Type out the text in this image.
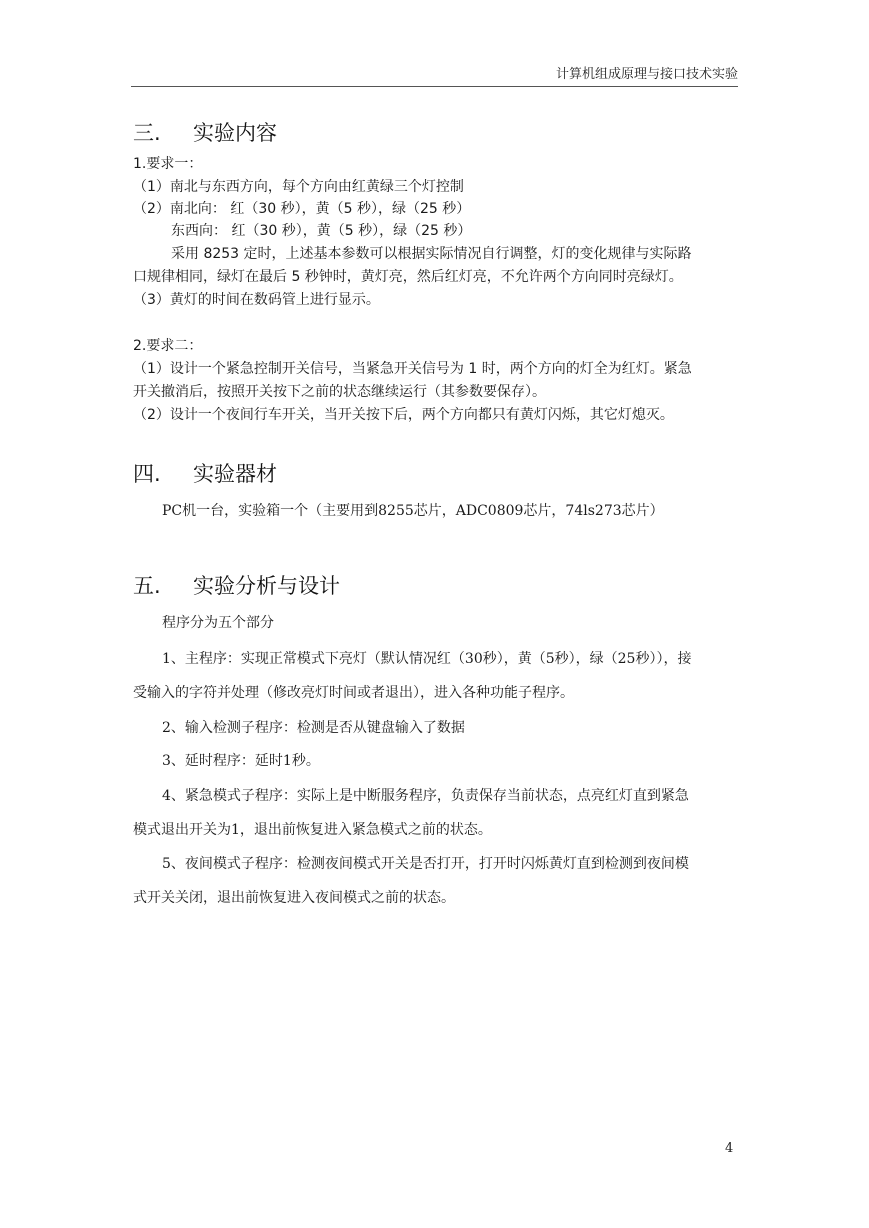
计算机组成原理与接口技术实验
三. 实验内容
1.要求一：
（1）南北与东西方向，每个方向由红黄绿三个灯控制
（2）南北向： 红（30 秒），黄（5 秒），绿（25 秒）
东西向： 红（30 秒），黄（5 秒），绿（25 秒）
采用 8253 定时，上述基本参数可以根据实际情况自行调整，灯的变化规律与实际路
口规律相同，绿灯在最后 5 秒钟时，黄灯亮，然后红灯亮，不允许两个方向同时亮绿灯。
（3）黄灯的时间在数码管上进行显示。
2.要求二：
（1）设计一个紧急控制开关信号，当紧急开关信号为 1 时，两个方向的灯全为红灯。紧急
开关撤消后，按照开关按下之前的状态继续运行（其参数要保存）。
（2）设计一个夜间行车开关，当开关按下后，两个方向都只有黄灯闪烁，其它灯熄灭。
四. 实验器材
PC机一台，实验箱一个（主要用到8255芯片，ADC0809芯片，74ls273芯片）
五. 实验分析与设计
程序分为五个部分
1、主程序：实现正常模式下亮灯（默认情况红（30秒），黄（5秒），绿（25秒）），接
受输入的字符并处理（修改亮灯时间或者退出），进入各种功能子程序。
2、输入检测子程序：检测是否从键盘输入了数据
3、延时程序：延时1秒。
4、紧急模式子程序：实际上是中断服务程序，负责保存当前状态，点亮红灯直到紧急
模式退出开关为1，退出前恢复进入紧急模式之前的状态。
5、夜间模式子程序：检测夜间模式开关是否打开，打开时闪烁黄灯直到检测到夜间模
式开关关闭，退出前恢复进入夜间模式之前的状态。
4
